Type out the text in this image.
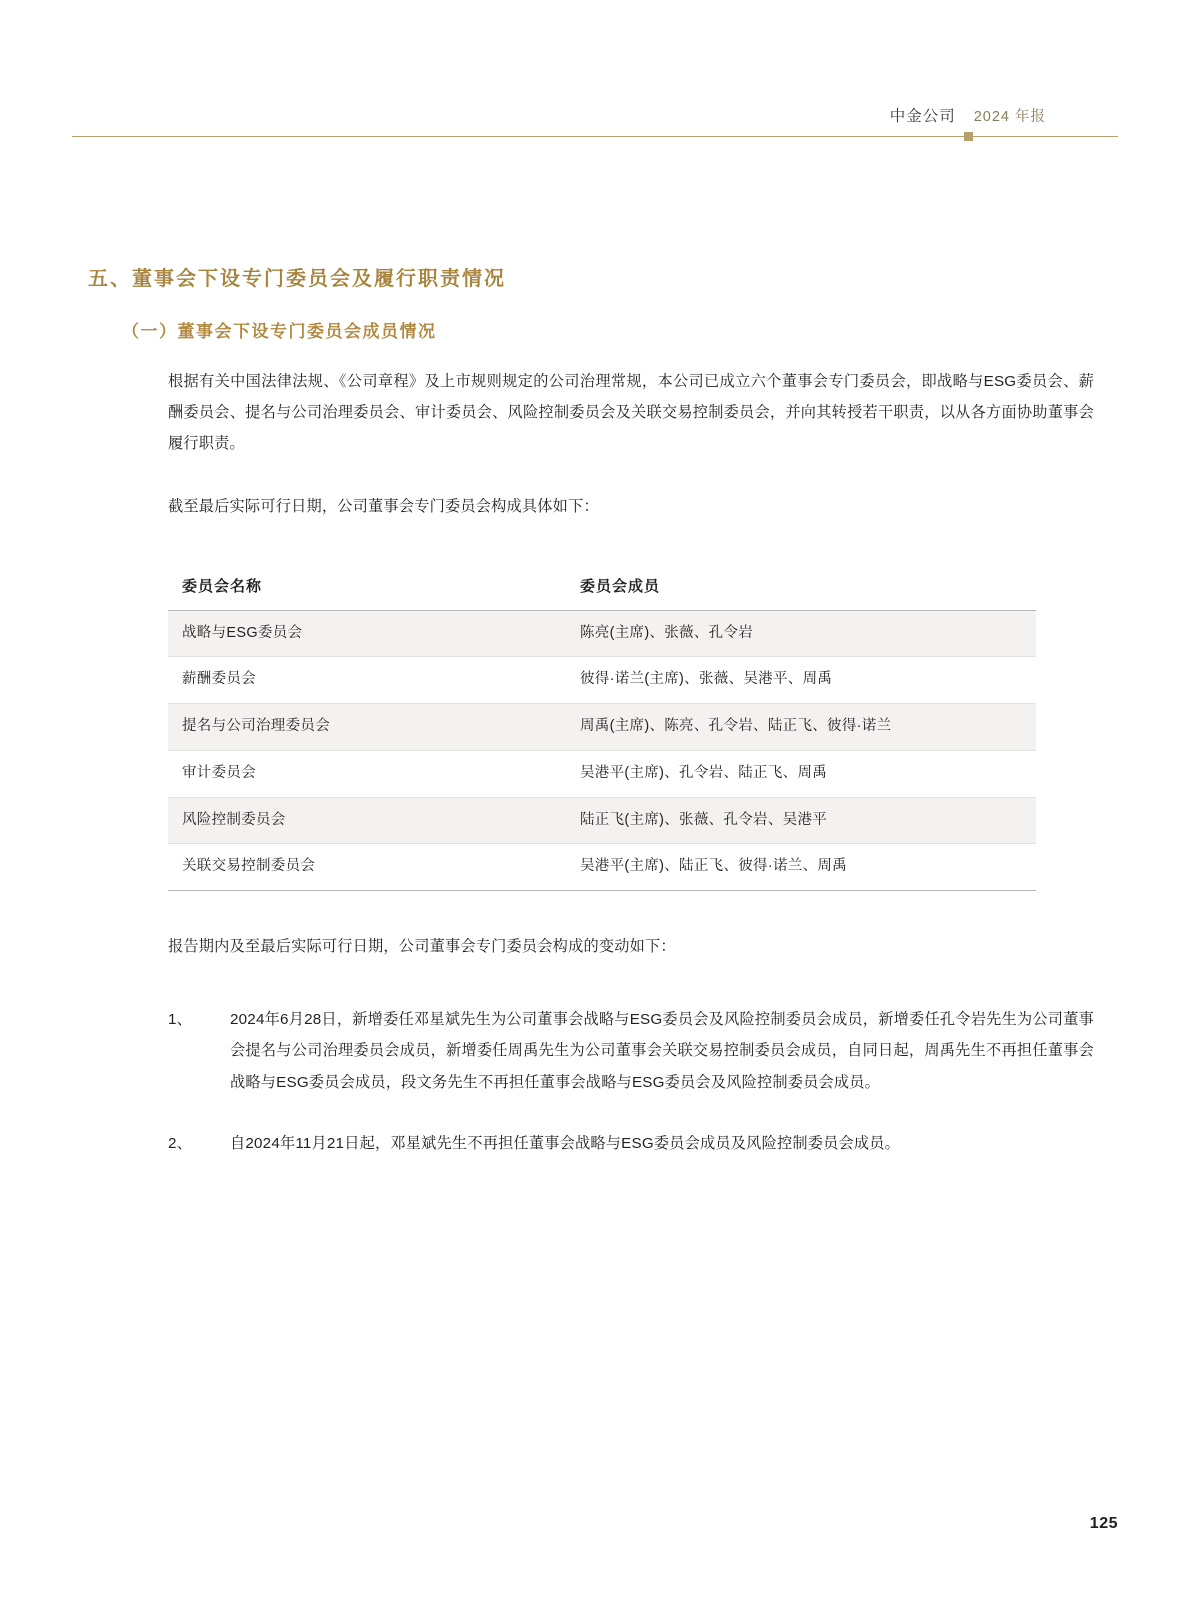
中金公司 2024 年报
五、董事会下设专门委员会及履行职责情况
（一）董事会下设专门委员会成员情况

根据有关中国法律法规、《公司章程》及上市规则规定的公司治理常规，本公司已成立六个董事会专门委员会，即战略与ESG委员会、薪酬委员会、提名与公司治理委员会、审计委员会、风险控制委员会及关联交易控制委员会，并向其转授若干职责，以从各方面协助董事会履行职责。

截至最后实际可行日期，公司董事会专门委员会构成具体如下：

委员会名称	委员会成员
战略与ESG委员会	陈亮(主席)、张薇、孔令岩
薪酬委员会	彼得·诺兰(主席)、张薇、吴港平、周禹
提名与公司治理委员会	周禹(主席)、陈亮、孔令岩、陆正飞、彼得·诺兰
审计委员会	吴港平(主席)、孔令岩、陆正飞、周禹
风险控制委员会	陆正飞(主席)、张薇、孔令岩、吴港平
关联交易控制委员会	吴港平(主席)、陆正飞、彼得·诺兰、周禹

报告期内及至最后实际可行日期，公司董事会专门委员会构成的变动如下：

1、	2024年6月28日，新增委任邓星斌先生为公司董事会战略与ESG委员会及风险控制委员会成员，新增委任孔令岩先生为公司董事会提名与公司治理委员会成员，新增委任周禹先生为公司董事会关联交易控制委员会成员，自同日起，周禹先生不再担任董事会战略与ESG委员会成员，段文务先生不再担任董事会战略与ESG委员会及风险控制委员会成员。
2、	自2024年11月21日起，邓星斌先生不再担任董事会战略与ESG委员会成员及风险控制委员会成员。
125
